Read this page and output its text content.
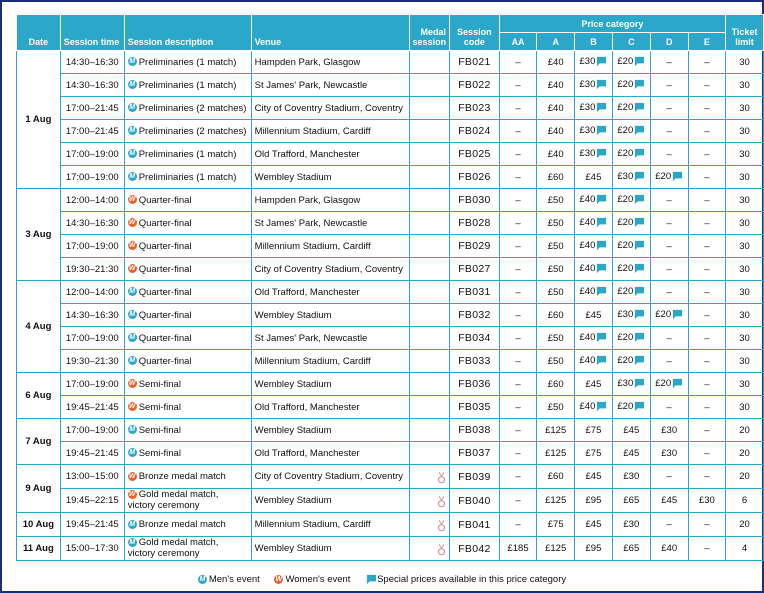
Date	Session time	Session description	Venue	Medal session	Session code	Price category						Ticket limit
						AA	A	B	C	D	E	
1 Aug	14:30–16:30	M Preliminaries (1 match)	Hampden Park, Glasgow		FB021	–	£40	£30	£20	–	–	30
	14:30–16:30	M Preliminaries (1 match)	St James' Park, Newcastle		FB022	–	£40	£30	£20	–	–	30
	17:00–21:45	M Preliminaries (2 matches)	City of Coventry Stadium, Coventry		FB023	–	£40	£30	£20	–	–	30
	17:00–21:45	M Preliminaries (2 matches)	Millennium Stadium, Cardiff		FB024	–	£40	£30	£20	–	–	30
	17:00–19:00	M Preliminaries (1 match)	Old Trafford, Manchester		FB025	–	£40	£30	£20	–	–	30
	17:00–19:00	M Preliminaries (1 match)	Wembley Stadium		FB026	–	£60	£45	£30	£20	–	30
3 Aug	12:00–14:00	W Quarter-final	Hampden Park, Glasgow		FB030	–	£50	£40	£20	–	–	30
	14:30–16:30	W Quarter-final	St James' Park, Newcastle		FB028	–	£50	£40	£20	–	–	30
	17:00–19:00	W Quarter-final	Millennium Stadium, Cardiff		FB029	–	£50	£40	£20	–	–	30
	19:30–21:30	W Quarter-final	City of Coventry Stadium, Coventry		FB027	–	£50	£40	£20	–	–	30
4 Aug	12:00–14:00	M Quarter-final	Old Trafford, Manchester		FB031	–	£50	£40	£20	–	–	30
	14:30–16:30	M Quarter-final	Wembley Stadium		FB032	–	£60	£45	£30	£20	–	30
	17:00–19:00	M Quarter-final	St James' Park, Newcastle		FB034	–	£50	£40	£20	–	–	30
	19:30–21:30	M Quarter-final	Millennium Stadium, Cardiff		FB033	–	£50	£40	£20	–	–	30
6 Aug	17:00–19:00	W Semi-final	Wembley Stadium		FB036	–	£60	£45	£30	£20	–	30
	19:45–21:45	W Semi-final	Old Trafford, Manchester		FB035	–	£50	£40	£20	–	–	30
7 Aug	17:00–19:00	M Semi-final	Wembley Stadium		FB038	–	£125	£75	£45	£30	–	20
	19:45–21:45	M Semi-final	Old Trafford, Manchester		FB037	–	£125	£75	£45	£30	–	20
9 Aug	13:00–15:00	W Bronze medal match	City of Coventry Stadium, Coventry		FB039	–	£60	£45	£30	–	–	20
	19:45–22:15	W Gold medal match, victory ceremony	Wembley Stadium		FB040	–	£125	£95	£65	£45	£30	6
10 Aug	19:45–21:45	M Bronze medal match	Millennium Stadium, Cardiff		FB041	–	£75	£45	£30	–	–	20
11 Aug	15:00–17:30	M Gold medal match, victory ceremony	Wembley Stadium		FB042	£185	£125	£95	£65	£40	–	4
M Men's event W Women's event	Special prices available in this price category
